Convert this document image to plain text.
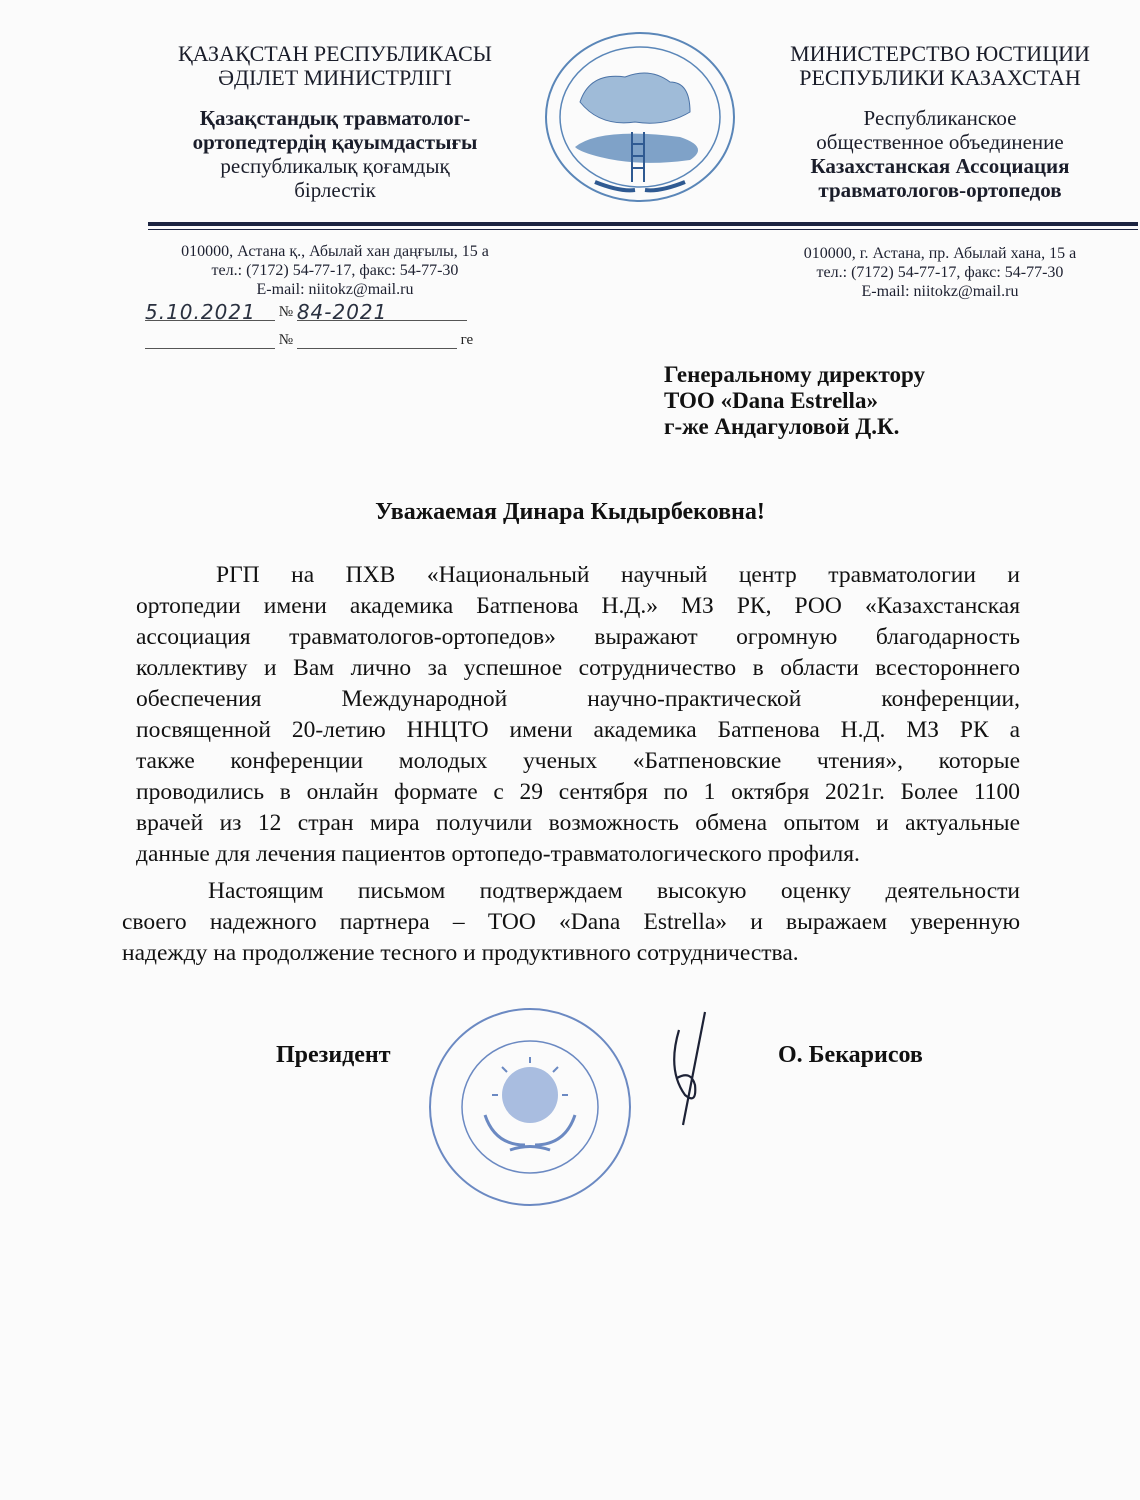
ҚАЗАҚСТАН РЕСПУБЛИКАСЫ
ӘДІЛЕТ МИНИСТРЛІГІ
Қазақстандық травматолог-
ортопедтердің қауымдастығы
республикалық қоғамдық
бірлестік
МИНИСТЕРСТВО ЮСТИЦИИ
РЕСПУБЛИКИ КАЗАХСТАН
Республиканское
общественное объединение
Казахстанская Ассоциация
травматологов-ортопедов
010000, Астана қ., Абылай хан даңғылы, 15 а
тел.: (7172) 54-77-17, факс: 54-77-30
E-mail: niitokz@mail.ru
010000, г. Астана, пр. Абылай хана, 15 а
тел.: (7172) 54-77-17, факс: 54-77-30
E-mail: niitokz@mail.ru
5.10.2021 № 84-2021
№	ге
Генеральному директору
ТОО «Dana Estrella»
г-же Андагуловой Д.К.
Уважаемая Динара Кыдырбековна!
РГП на ПХВ «Национальный научный центр травматологии и
ортопедии имени академика Батпенова Н.Д.» МЗ РК, РОО «Казахстанская
ассоциация травматологов-ортопедов» выражают огромную благодарность
коллективу и Вам лично за успешное сотрудничество в области всестороннего
обеспечения Международной научно-практической конференции,
посвященной 20-летию ННЦТО имени академика Батпенова Н.Д. МЗ РК а
также конференции молодых ученых «Батпеновские чтения», которые
проводились в онлайн формате с 29 сентября по 1 октября 2021г. Более 1100
врачей из 12 стран мира получили возможность обмена опытом и актуальные
данные для лечения пациентов ортопедо-травматологического профиля.
Настоящим письмом подтверждаем высокую оценку деятельности
своего надежного партнера – ТОО «Dana Estrella» и выражаем уверенную
надежду на продолжение тесного и продуктивного сотрудничества.
Президент	О. Бекарисов
